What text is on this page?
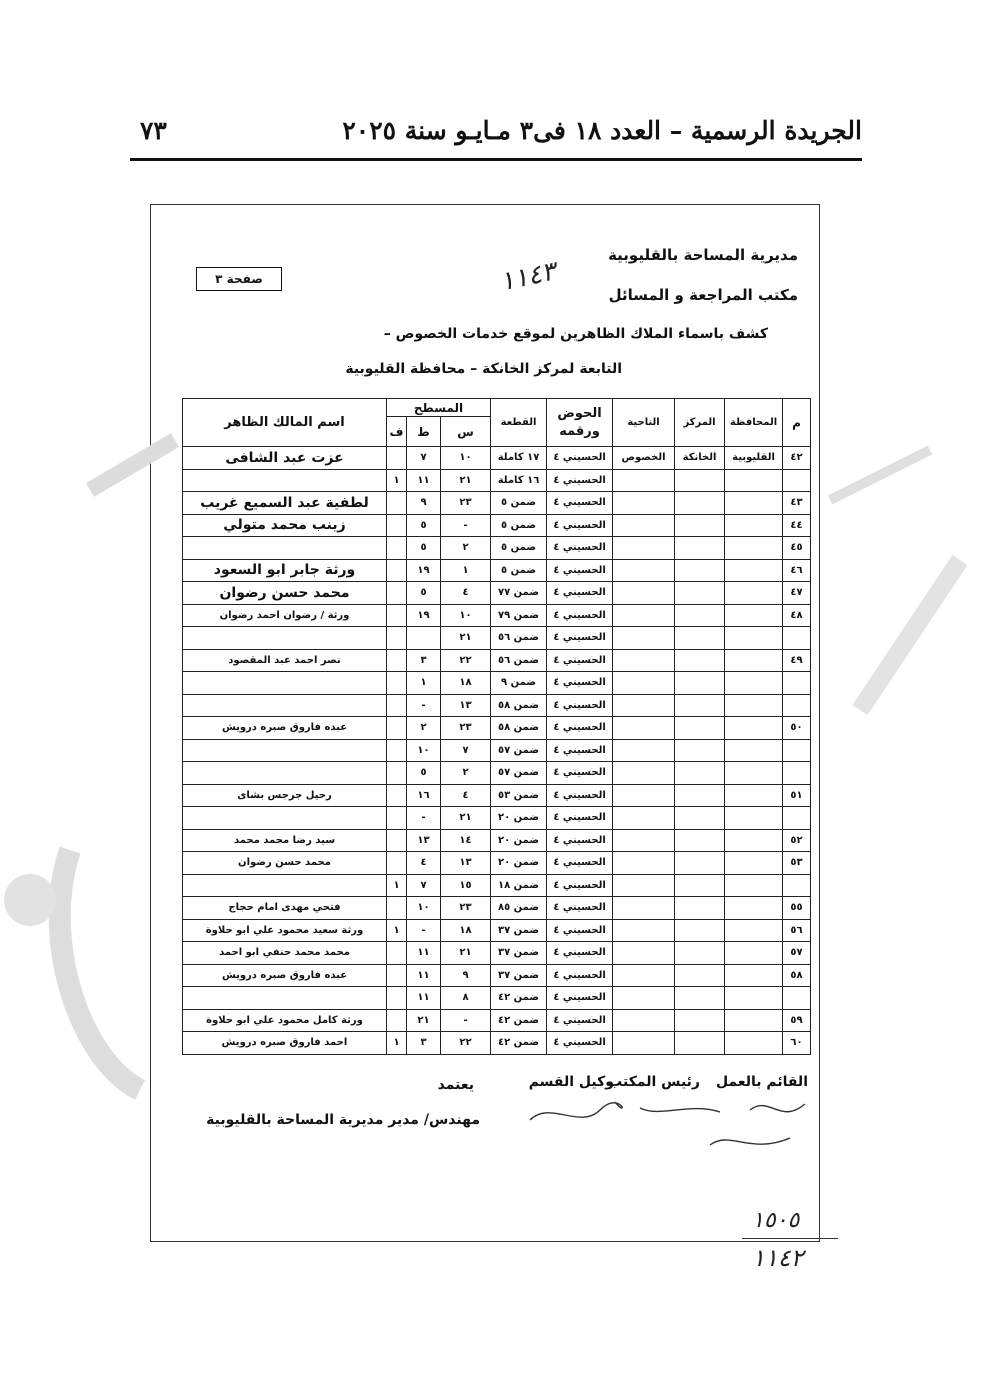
الجريدة الرسمية – العدد ١٨ فى٣ مـايـو سنة ٢٠٢٥
٧٣
مديرية المساحة بالقليوبية
مكتب المراجعة و المسائل
صفحة ٣	١١٤٣
كشف باسماء الملاك الظاهرين لموقع خدمات الخصوص –
التابعة لمركز الخانكة – محافظة القليوبية
م	المحافظة	المركز	الناحية	الحوض ورقمه	القطعة	المسطح			اسم المالك الظاهر
						س	ط	ف	
٤٢	القليوبية	الخانكة	الخصوص	الحسيني ٤	١٧ كاملة	١٠	٧		عزت عبد الشافى
				الحسيني ٤	١٦ كاملة	٢١	١١	١	
٤٣				الحسيني ٤	ضمن ٥	٢٣	٩		لطفية عبد السميع غريب
٤٤				الحسيني ٤	ضمن ٥	-	٥		زينب محمد متولي
٤٥				الحسيني ٤	ضمن ٥	٢	٥		
٤٦				الحسيني ٤	ضمن ٥	١	١٩		ورثة جابر ابو السعود
٤٧				الحسيني ٤	ضمن ٧٧	٤	٥		محمد حسن رضوان
٤٨				الحسيني ٤	ضمن ٧٩	١٠	١٩		ورثة / رضوان احمد رضوان
				الحسيني ٤	ضمن ٥٦	٢١			
٤٩				الحسيني ٤	ضمن ٥٦	٢٢	٣		نصر احمد عبد المقصود
				الحسيني ٤	ضمن ٩	١٨	١		
				الحسيني ٤	ضمن ٥٨	١٣	-		
٥٠				الحسيني ٤	ضمن ٥٨	٢٣	٢		عبده فاروق صبره درويش
				الحسيني ٤	ضمن ٥٧	٧	١٠		
				الحسيني ٤	ضمن ٥٧	٢	٥		
٥١				الحسيني ٤	ضمن ٥٣	٤	١٦		رحيل جرجس بشاى
				الحسيني ٤	ضمن ٢٠	٢١	-		
٥٢				الحسيني ٤	ضمن ٢٠	١٤	١٣		سيد رضا محمد محمد
٥٣				الحسيني ٤	ضمن ٢٠	١٣	٤		محمد حسن رضوان
				الحسيني ٤	ضمن ١٨	١٥	٧	١	
٥٥				الحسيني ٤	ضمن ٨٥	٢٣	١٠		فتحي مهدى امام حجاج
٥٦				الحسيني ٤	ضمن ٣٧	١٨	-	١	ورثة سعيد محمود علي ابو حلاوة
٥٧				الحسيني ٤	ضمن ٣٧	٢١	١١		محمد محمد حنفي ابو احمد
٥٨				الحسيني ٤	ضمن ٣٧	٩	١١		عبده فاروق صبره درويش
				الحسيني ٤	ضمن ٤٢	٨	١١		
٥٩				الحسيني ٤	ضمن ٤٢	-	٢١		ورثة كامل محمود علي ابو حلاوة
٦٠				الحسيني ٤	ضمن ٤٢	٢٢	٣	١	احمد فاروق صبره درويش
القائم بالعمل
رئيس المكتب
وكيل القسم
يعتمد
مهندس/ مدير مديرية المساحة بالقليوبية
١٥٠٥
١١٤٢
